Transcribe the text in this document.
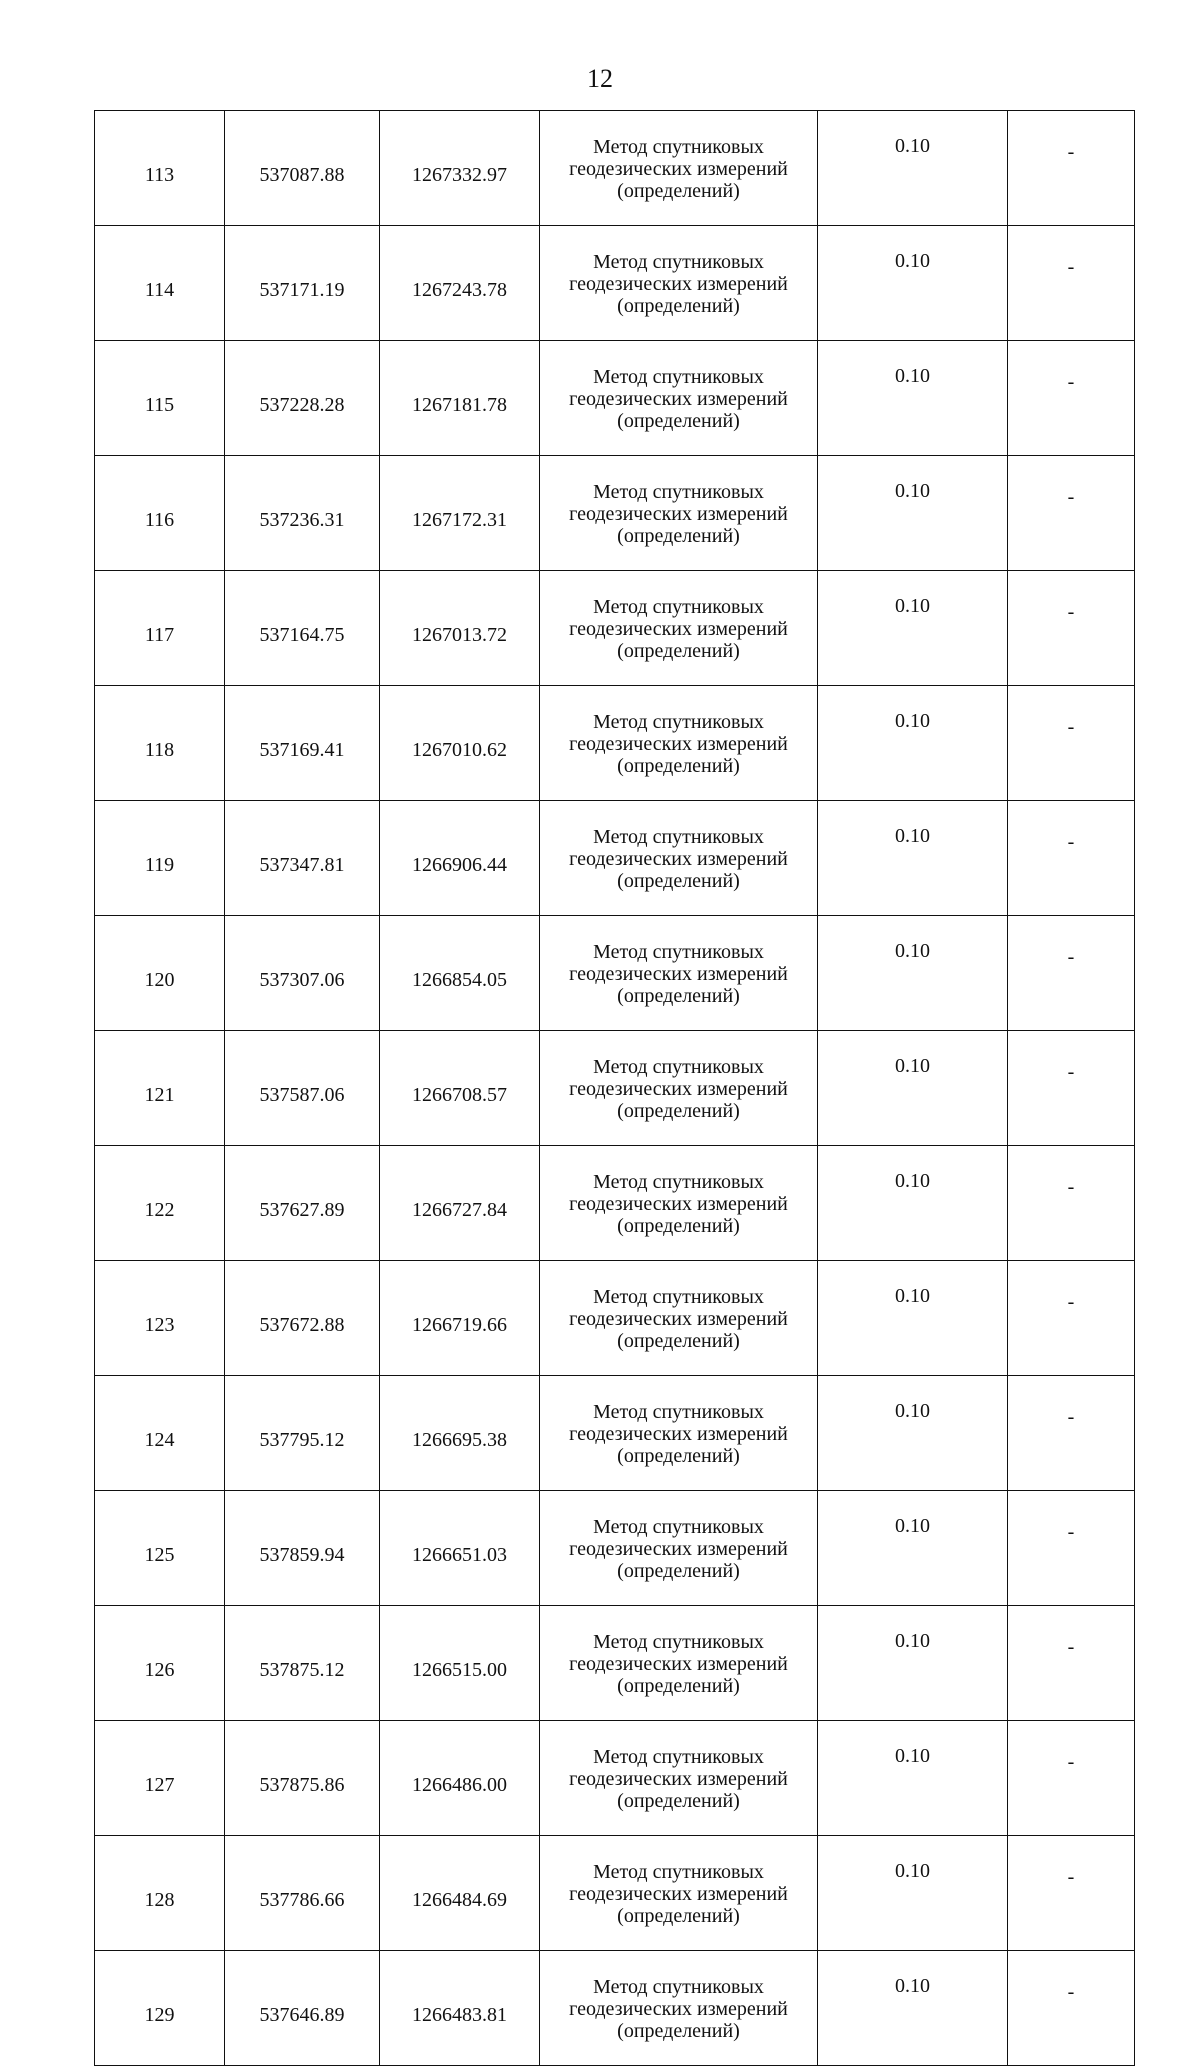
12
113	537087.88	1267332.97	Метод спутниковых
геодезических измерений
(определений)	0.10	-
114	537171.19	1267243.78	Метод спутниковых
геодезических измерений
(определений)	0.10	-
115	537228.28	1267181.78	Метод спутниковых
геодезических измерений
(определений)	0.10	-
116	537236.31	1267172.31	Метод спутниковых
геодезических измерений
(определений)	0.10	-
117	537164.75	1267013.72	Метод спутниковых
геодезических измерений
(определений)	0.10	-
118	537169.41	1267010.62	Метод спутниковых
геодезических измерений
(определений)	0.10	-
119	537347.81	1266906.44	Метод спутниковых
геодезических измерений
(определений)	0.10	-
120	537307.06	1266854.05	Метод спутниковых
геодезических измерений
(определений)	0.10	-
121	537587.06	1266708.57	Метод спутниковых
геодезических измерений
(определений)	0.10	-
122	537627.89	1266727.84	Метод спутниковых
геодезических измерений
(определений)	0.10	-
123	537672.88	1266719.66	Метод спутниковых
геодезических измерений
(определений)	0.10	-
124	537795.12	1266695.38	Метод спутниковых
геодезических измерений
(определений)	0.10	-
125	537859.94	1266651.03	Метод спутниковых
геодезических измерений
(определений)	0.10	-
126	537875.12	1266515.00	Метод спутниковых
геодезических измерений
(определений)	0.10	-
127	537875.86	1266486.00	Метод спутниковых
геодезических измерений
(определений)	0.10	-
128	537786.66	1266484.69	Метод спутниковых
геодезических измерений
(определений)	0.10	-
129	537646.89	1266483.81	Метод спутниковых
геодезических измерений
(определений)	0.10	-
